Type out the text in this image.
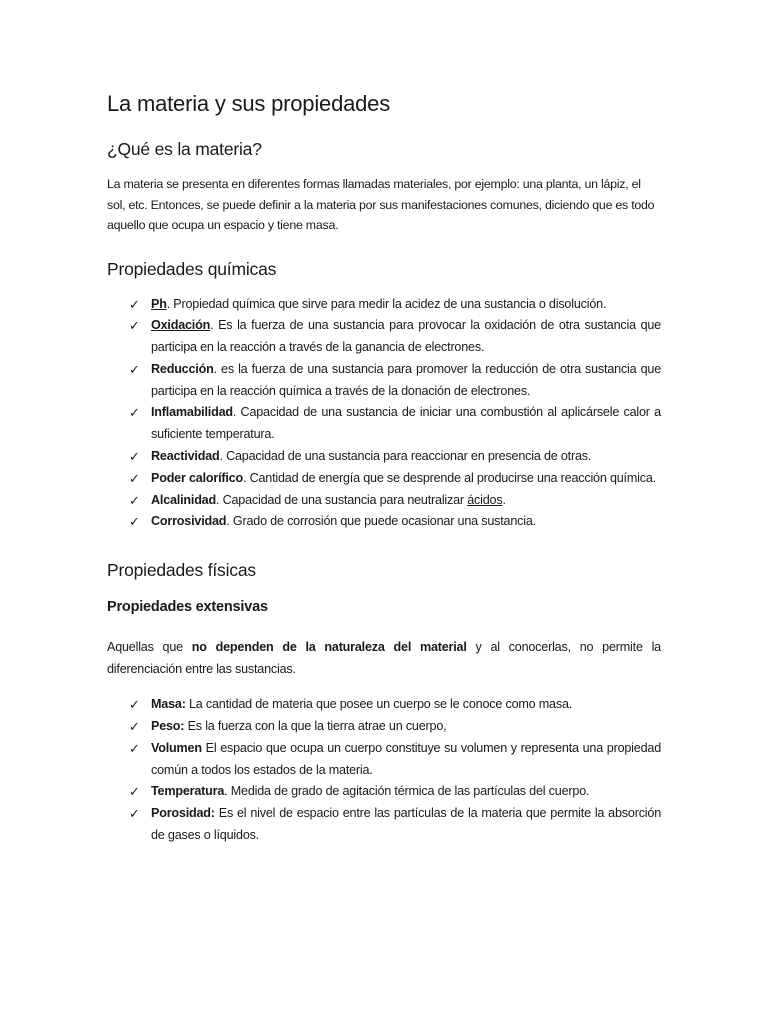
La materia y sus propiedades
¿Qué es la materia?

La materia se presenta en diferentes formas llamadas materiales, por ejemplo: una planta, un lápiz, el sol, etc. Entonces, se puede definir a la materia por sus manifestaciones comunes, diciendo que es todo aquello que ocupa un espacio y tiene masa.

Propiedades químicas
✓ Ph. Propiedad química que sirve para medir la acidez de una sustancia o disolución.
✓ Oxidación. Es la fuerza de una sustancia para provocar la oxidación de otra sustancia que participa en la reacción a través de la ganancia de electrones.
✓ Reducción. es la fuerza de una sustancia para promover la reducción de otra sustancia que participa en la reacción química a través de la donación de electrones.
✓ Inflamabilidad. Capacidad de una sustancia de iniciar una combustión al aplicársele calor a suficiente temperatura.
✓ Reactividad. Capacidad de una sustancia para reaccionar en presencia de otras.
✓ Poder calorífico. Cantidad de energía que se desprende al producirse una reacción química.
✓ Alcalinidad. Capacidad de una sustancia para neutralizar ácidos.
✓ Corrosividad. Grado de corrosión que puede ocasionar una sustancia.
Propiedades físicas
Propiedades extensivas

Aquellas que no dependen de la naturaleza del material y al conocerlas, no permite la diferenciación entre las sustancias.

✓ Masa: La cantidad de materia que posee un cuerpo se le conoce como masa.
✓ Peso: Es la fuerza con la que la tierra atrae un cuerpo,
✓ Volumen El espacio que ocupa un cuerpo constituye su volumen y representa una propiedad común a todos los estados de la materia.
✓ Temperatura. Medida de grado de agitación térmica de las partículas del cuerpo.
✓ Porosidad: Es el nivel de espacio entre las partículas de la materia que permite la absorción de gases o líquidos.
